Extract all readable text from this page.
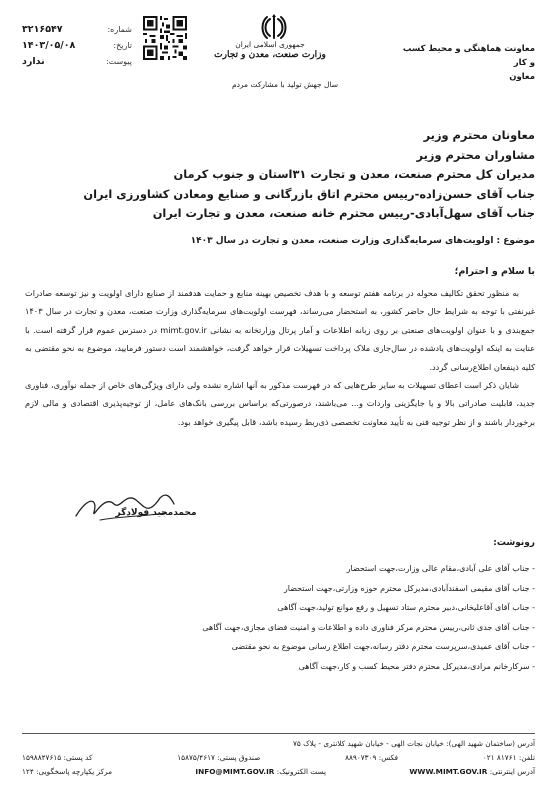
شماره:
۳۲۱۶۵۴۷
تاریخ:
۱۴۰۳/۰۵/۰۸
پیوست:
ندارد
جمهوری اسلامی ایران
وزارت صنعت، معدن و تجارت
سال جهش تولید با مشارکت مردم
معاونت هماهنگی و محیط کسب و کار
معاون
معاونان محترم وزیر
مشاوران محترم وزیر
مدیران کل محترم صنعت، معدن و تجارت ۳۱استان و جنوب کرمان
جناب آقای حسن‌زاده-رییس محترم اتاق بازرگانی و صنایع ومعادن کشاورزی ایران
جناب آقای سهل‌آبادی-رییس محترم خانه صنعت، معدن و تجارت ایران
موضوع : اولویت‌های سرمایه‌گذاری وزارت صنعت، معدن و تجارت در سال ۱۴۰۳
با سلام و احترام؛

به منظور تحقق تکالیف محوله در برنامه هفتم توسعه و با هدف تخصیص بهینه منابع و حمایت هدفمند از صنایع دارای اولویت و نیز توسعه صادرات غیرنفتی با توجه به شرایط حال حاضر کشور، به استحضار می‌رساند، فهرست اولویت‌های سرمایه‌گذاری وزارت صنعت، معدن و تجارت در سال ۱۴۰۳ جمع‌بندی و با عنوان اولویت‌های صنعتی بر روی زبانه اطلاعات و آمار پرتال وزارتخانه به نشانی mimt.gov.ir در دسترس عموم قرار گرفته است. با عنایت به اینکه اولویت‌های یادشده در سال‌جاری ملاک پرداخت تسهیلات قرار خواهد گرفت، خواهشمند است دستور فرمایید، موضوع به نحو مقتضی به کلیه ذینفعان اطلاع‌رسانی گردد.

شایان ذکر است اعطای تسهیلات به سایر طرح‌هایی که در فهرست مذکور به آنها اشاره نشده ولی دارای ویژگی‌های خاص از جمله نوآوری، فناوری جدید، قابلیت صادراتی بالا و یا جایگزینی واردات و... می‌باشند، درصورتی‌که براساس بررسی بانک‌های عامل، از توجیه‌پذیری اقتصادی و مالی لازم برخوردار باشند و از نظر توجیه فنی به تأیید معاونت تخصصی ذی‌ربط رسیده باشد، قابل پیگیری خواهد بود.

محمدمجید فولادگر
رونوشت:
- جناب آقای علی آبادی،مقام عالی وزارت،جهت استحضار
- جناب آقای مقیمی اسفندآبادی،مدیرکل محترم حوزه وزارتی،جهت استحضار
- جناب آقای آقاعلیخانی،دبیر محترم ستاد تسهیل و رفع موانع تولید،جهت آگاهی
- جناب آقای جدی ثانی،رییس محترم مرکز فناوری داده و اطلاعات و امنیت فضای مجازی،جهت آگاهی
- جناب آقای عمیدی،سرپرست محترم دفتر رسانه،جهت اطلاع رسانی موضوع به نحو مقتضی
- سرکارخانم مرادی،مدیرکل محترم دفتر محیط کسب و کار،جهت آگاهی
آدرس (ساختمان شهید الهی): خیابان نجات الهی - خیابان شهید کلانتری - پلاک ۷۵
تلفن: ۸۱۷۶۱ ۰۲۱
فکس: ۸۸۹۰۷۳۰۹
صندوق پستی: ۱۵۸۷۵/۴۶۱۷
کد پستی: ۱۵۹۸۸۴۷۶۱۵
آدرس اینترنتی: WWW.MIMT.GOV.IR
پست الکترونیک: INFO@MIMT.GOV.IR
مرکز یکپارچه پاسخگویی: ۱۲۴
